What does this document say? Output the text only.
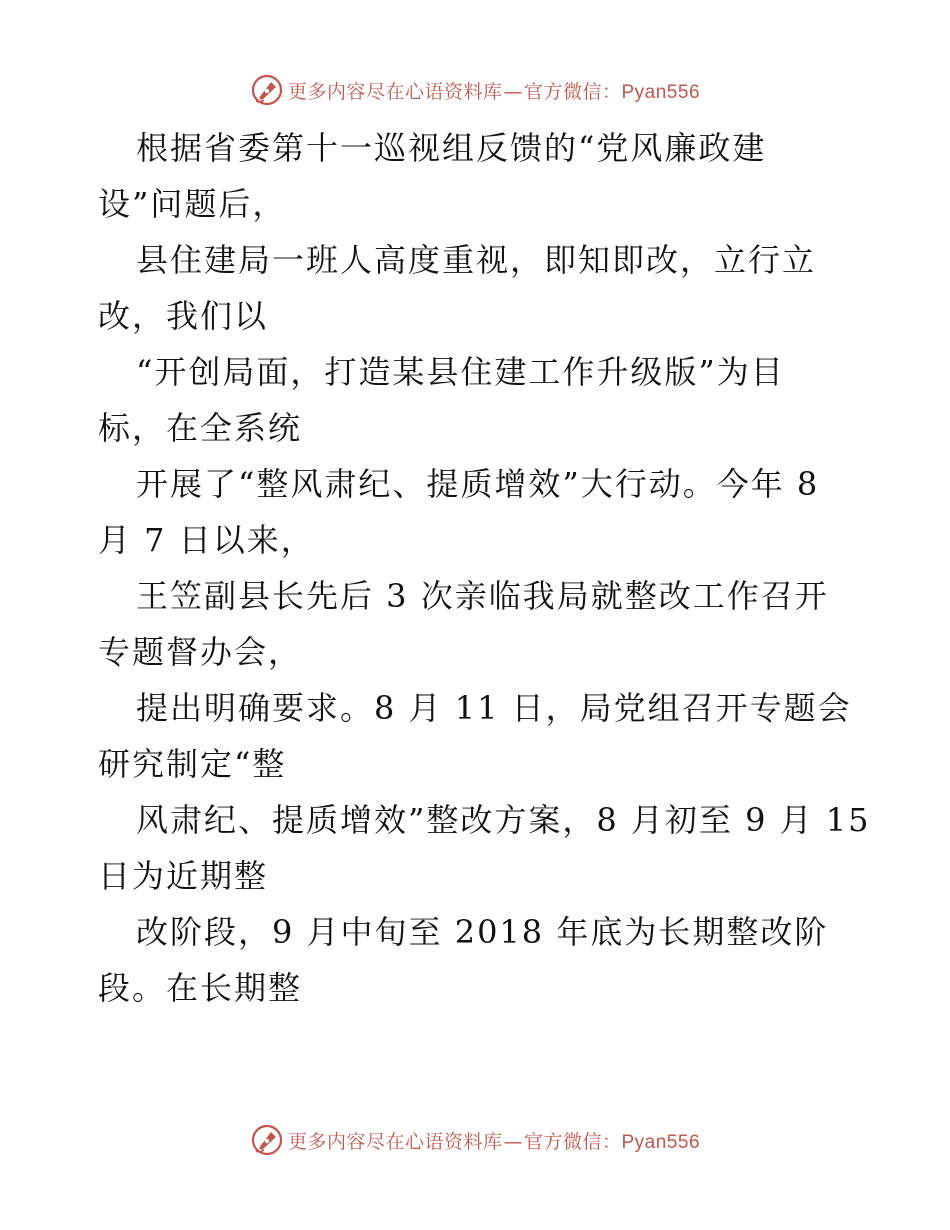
更多内容尽在心语资料库—官方微信：Pyan556
根据省委第十一巡视组反馈的“党风廉政建
设”问题后，
县住建局一班人高度重视，即知即改，立行立
改，我们以
“开创局面，打造某县住建工作升级版”为目
标，在全系统
开展了“整风肃纪、提质增效”大行动。今年 8
月 7 日以来，
王笠副县长先后 3 次亲临我局就整改工作召开
专题督办会，
提出明确要求。8 月 11 日，局党组召开专题会
研究制定“整
风肃纪、提质增效”整改方案，8 月初至 9 月 15
日为近期整
改阶段，9 月中旬至 2018 年底为长期整改阶
段。在长期整
更多内容尽在心语资料库—官方微信：Pyan556
